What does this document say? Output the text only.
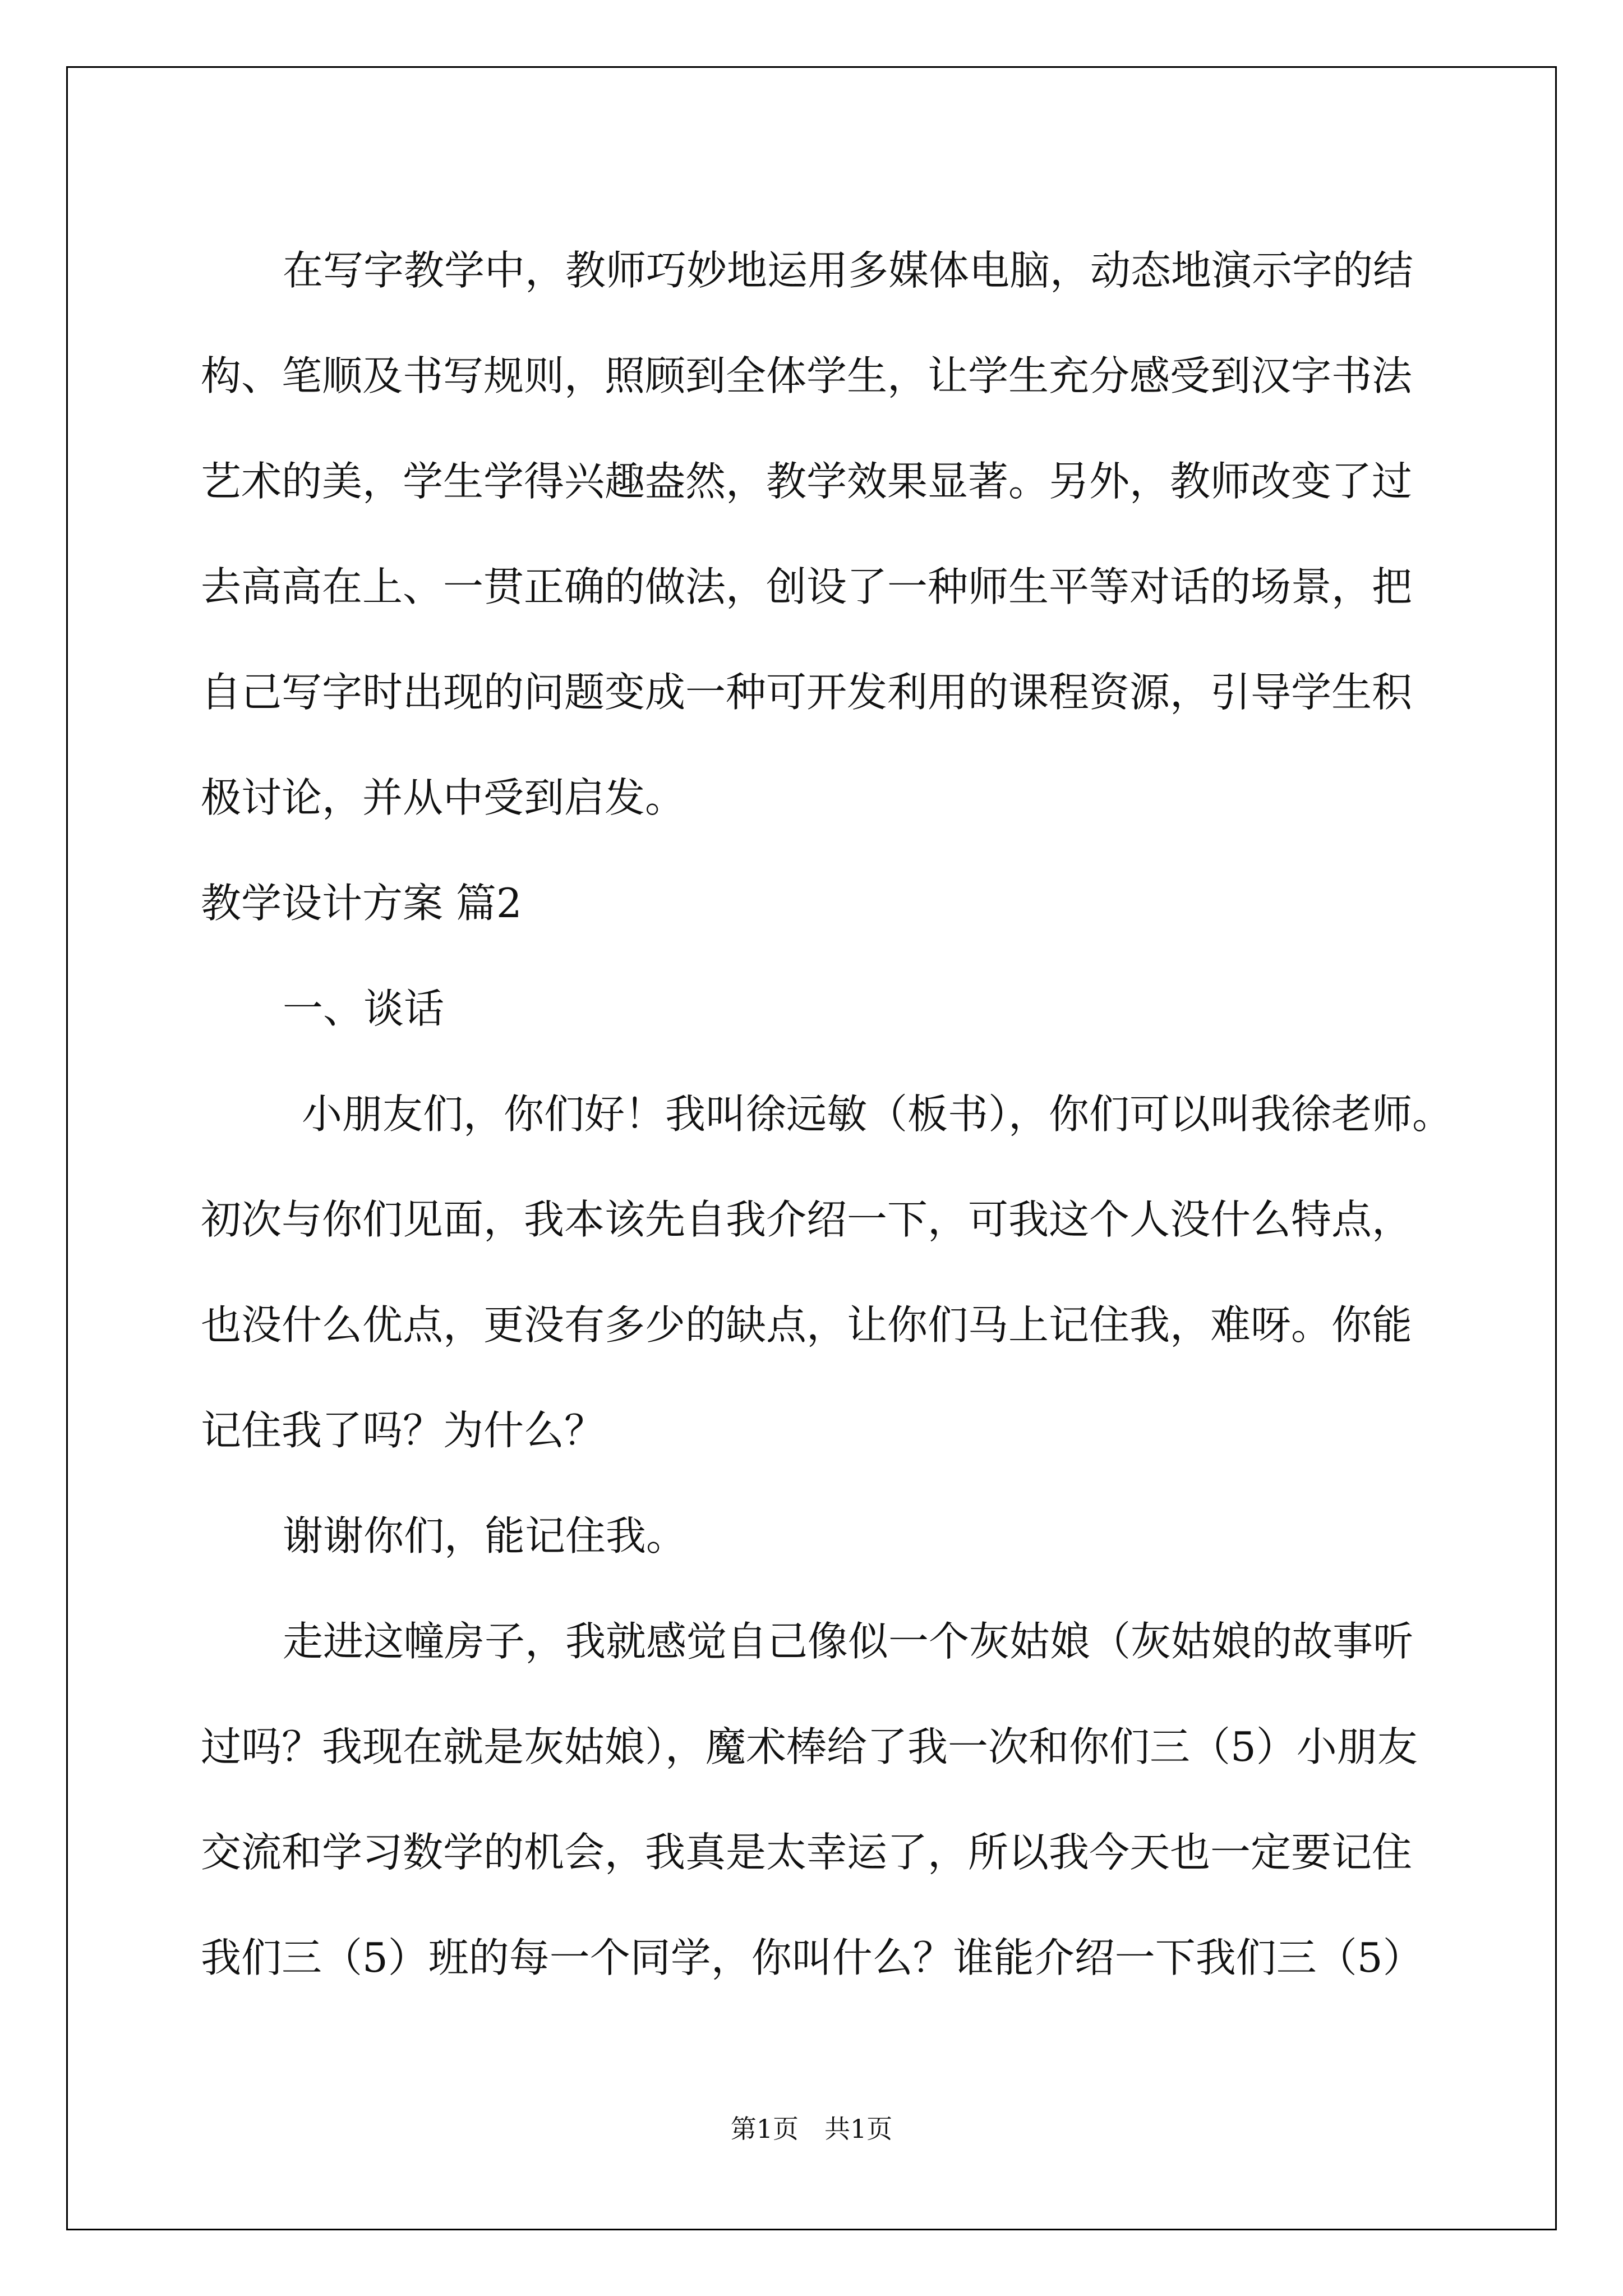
在写字教学中，教师巧妙地运用多媒体电脑，动态地演示字的结

构、笔顺及书写规则，照顾到全体学生，让学生充分感受到汉字书法

艺术的美，学生学得兴趣盎然，教学效果显著。另外，教师改变了过

去高高在上、一贯正确的做法，创设了一种师生平等对话的场景，把

自己写字时出现的问题变成一种可开发利用的课程资源，引导学生积

极讨论，并从中受到启发。

教学设计方案 篇2

一、谈话

小朋友们，你们好！我叫徐远敏（板书），你们可以叫我徐老师。

初次与你们见面，我本该先自我介绍一下，可我这个人没什么特点，

也没什么优点，更没有多少的缺点，让你们马上记住我，难呀。你能

记住我了吗？为什么？

谢谢你们，能记住我。

走进这幢房子，我就感觉自己像似一个灰姑娘（灰姑娘的故事听

过吗？我现在就是灰姑娘），魔术棒给了我一次和你们三（5）小朋友

交流和学习数学的机会，我真是太幸运了，所以我今天也一定要记住

我们三（5）班的每一个同学，你叫什么？谁能介绍一下我们三（5）

第1页　共1页
